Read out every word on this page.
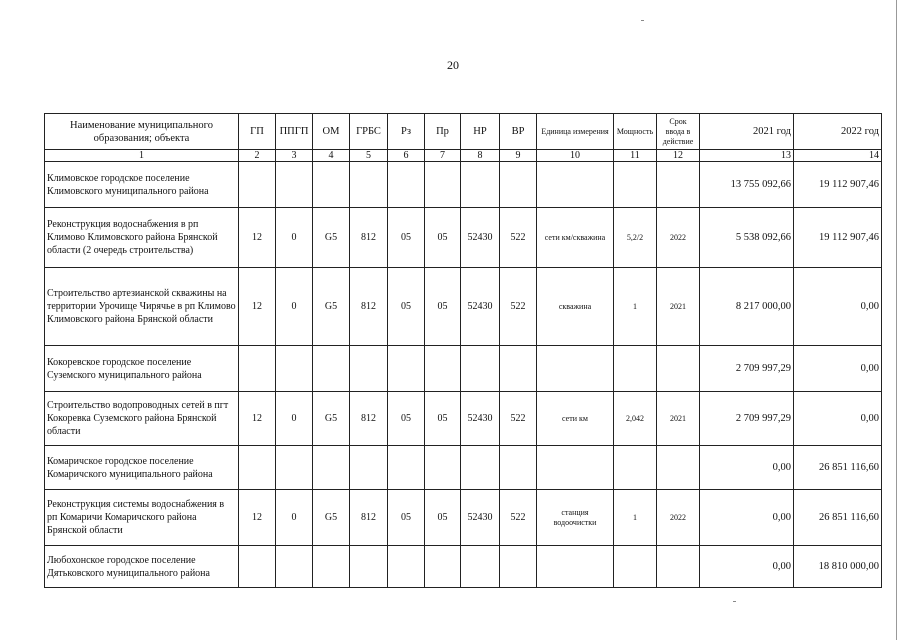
20
Наименование муниципального образования; объекта	ГП	ППГП	ОМ	ГРБС	Рз	Пр	НР	ВР	Единица измерения	Мощность	Срок ввода в действие	2021 год	2022 год
1	2	3	4	5	6	7	8	9	10	11	12	13	14
Климовское городское поселение Климовского муниципального района												13 755 092,66	19 112 907,46
Реконструкция водоснабжения в рп Климово Климовского района Брянской области (2 очередь строительства)	12	0	G5	812	05	05	52430	522	сети км/скважина	5,2/2	2022	5 538 092,66	19 112 907,46
Строительство артезианской скважины на территории Урочище Чирячье в рп Климово Климовского района Брянской области	12	0	G5	812	05	05	52430	522	скважина	1	2021	8 217 000,00	0,00
Кокоревское городское поселение Суземского муниципального района												2 709 997,29	0,00
Строительство водопроводных сетей в пгт Кокоревка Суземского района Брянской области	12	0	G5	812	05	05	52430	522	сети км	2,042	2021	2 709 997,29	0,00
Комаричское городское поселение Комаричского муниципального района												0,00	26 851 116,60
Реконструкция системы водоснабжения в рп Комаричи Комаричского района Брянской области	12	0	G5	812	05	05	52430	522	станция водоочистки	1	2022	0,00	26 851 116,60
Любохонское городское поселение Дятьковского муниципального района												0,00	18 810 000,00
